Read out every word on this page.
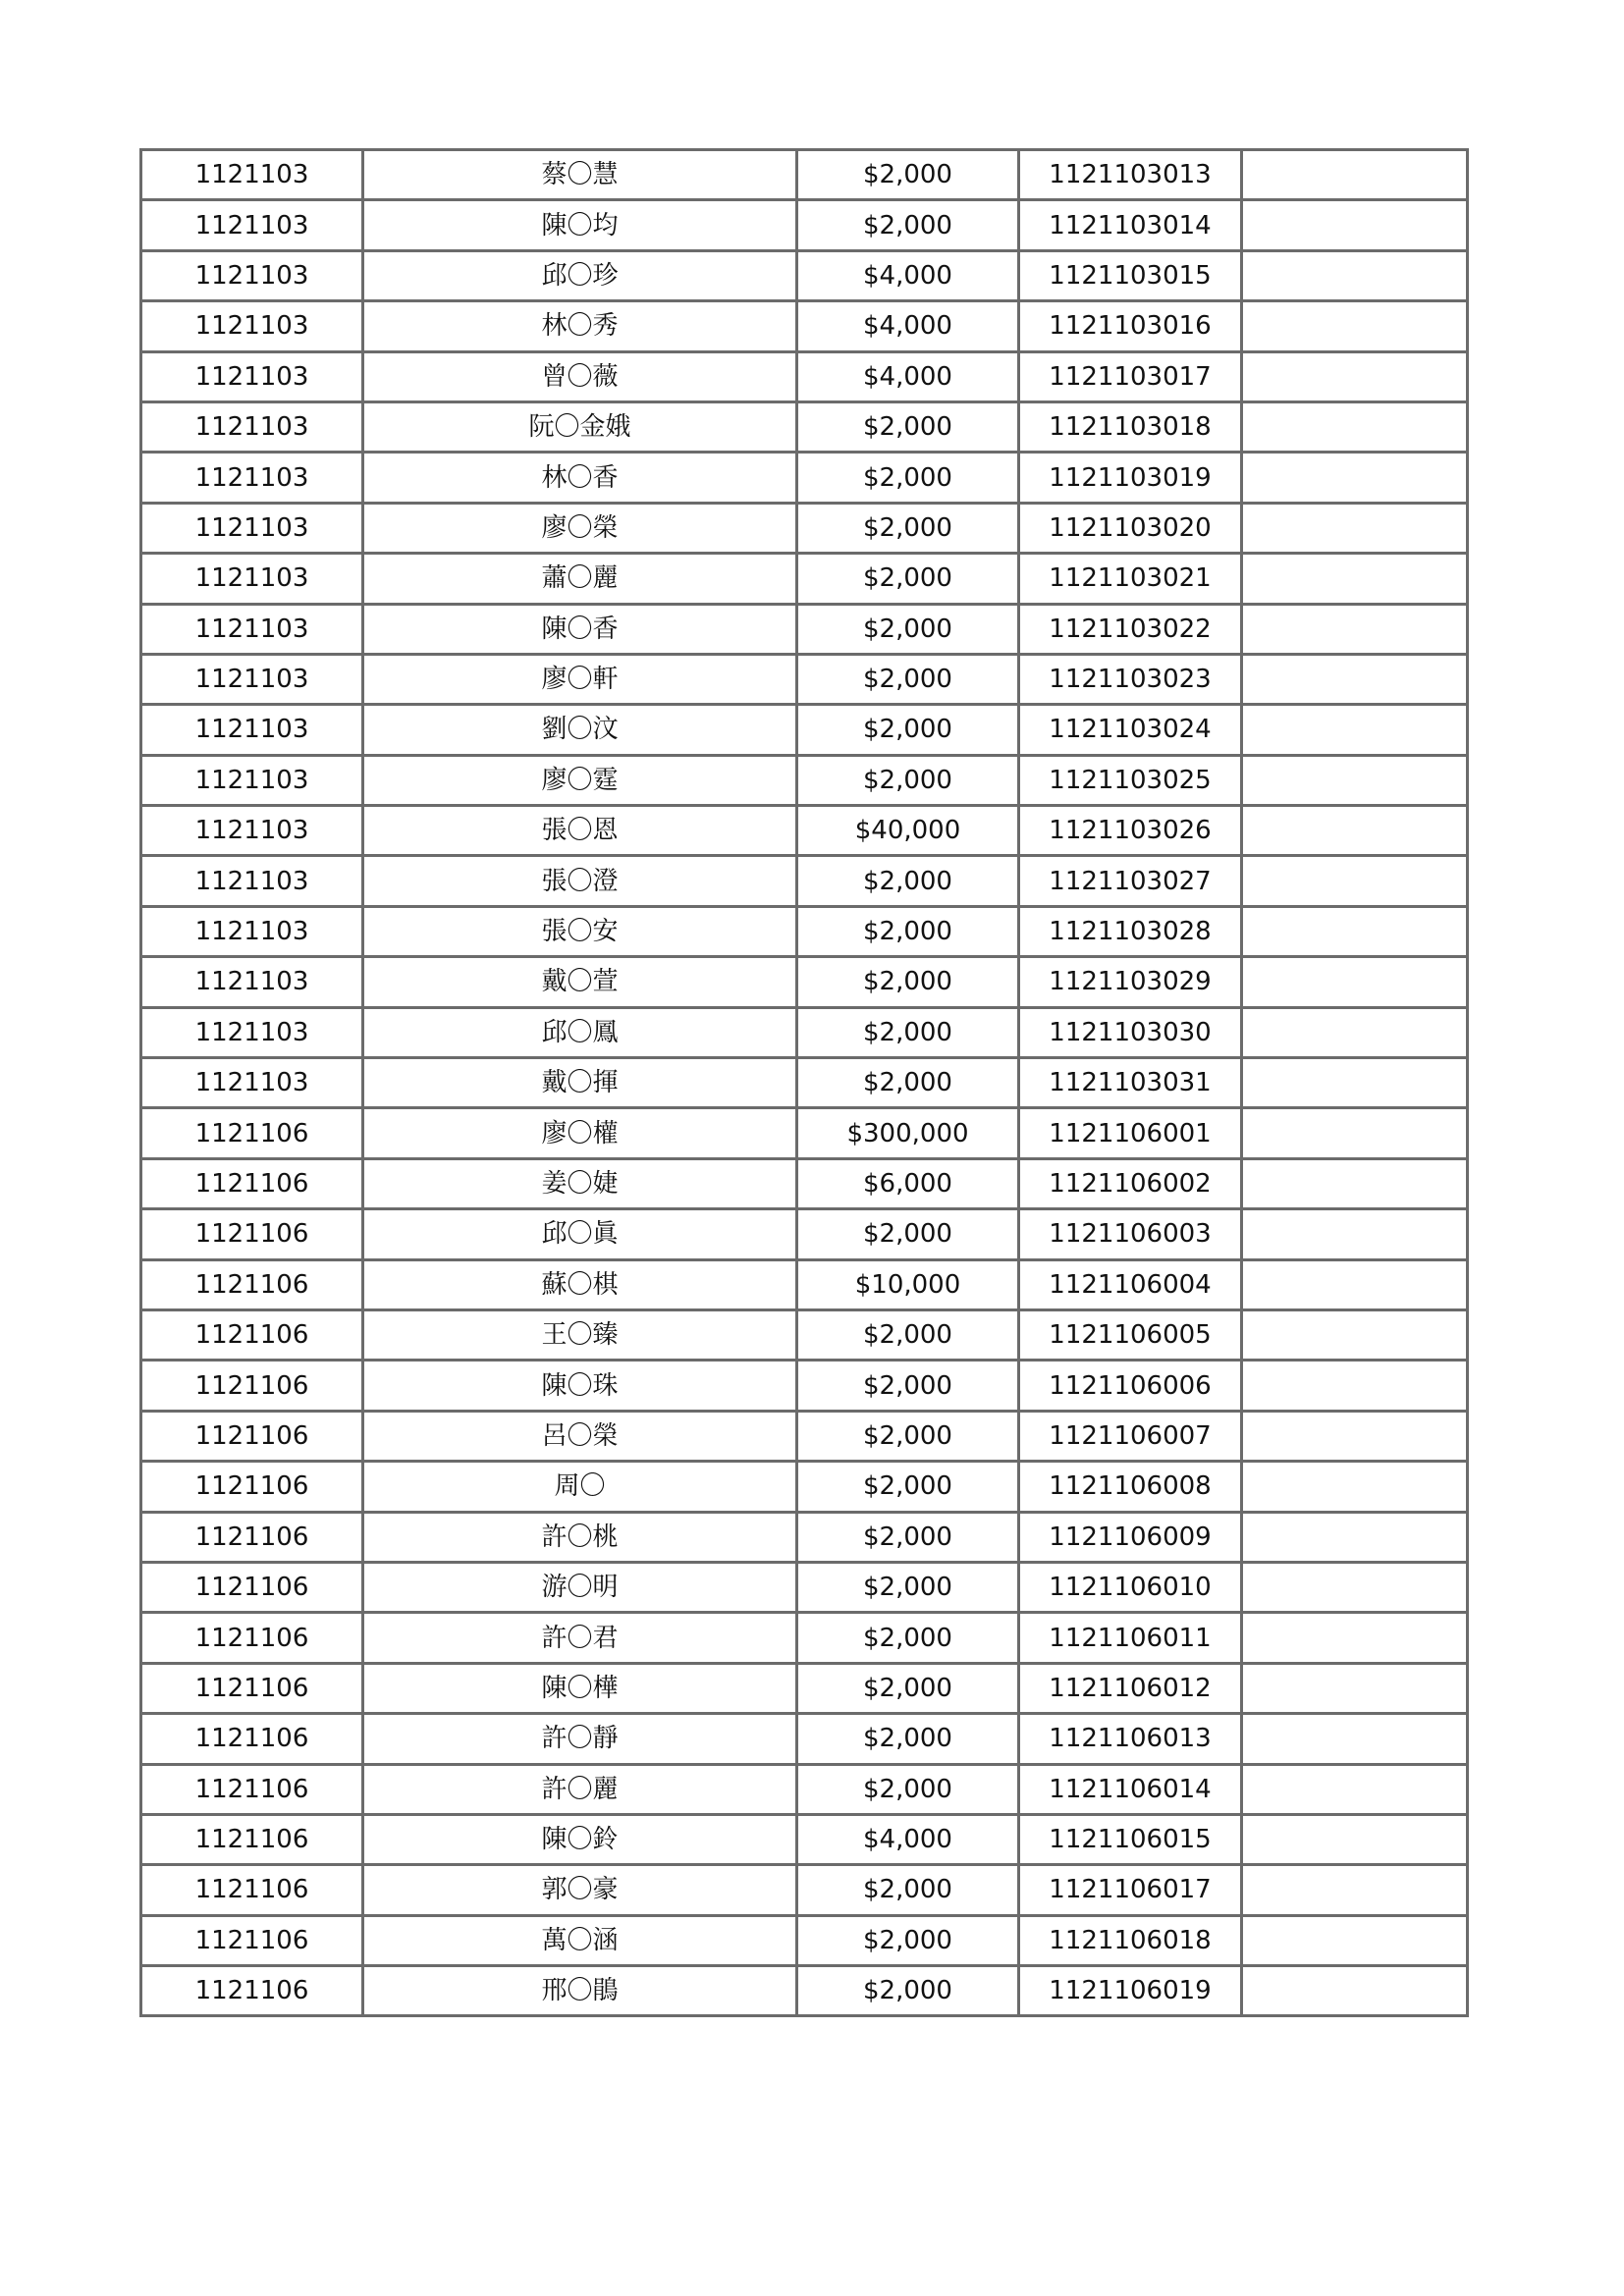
1121103	蔡〇慧	$2,000	1121103013	
1121103	陳〇均	$2,000	1121103014	
1121103	邱〇珍	$4,000	1121103015	
1121103	林〇秀	$4,000	1121103016	
1121103	曾〇薇	$4,000	1121103017	
1121103	阮〇金娥	$2,000	1121103018	
1121103	林〇香	$2,000	1121103019	
1121103	廖〇榮	$2,000	1121103020	
1121103	蕭〇麗	$2,000	1121103021	
1121103	陳〇香	$2,000	1121103022	
1121103	廖〇軒	$2,000	1121103023	
1121103	劉〇汶	$2,000	1121103024	
1121103	廖〇霆	$2,000	1121103025	
1121103	張〇恩	$40,000	1121103026	
1121103	張〇澄	$2,000	1121103027	
1121103	張〇安	$2,000	1121103028	
1121103	戴〇萱	$2,000	1121103029	
1121103	邱〇鳳	$2,000	1121103030	
1121103	戴〇揮	$2,000	1121103031	
1121106	廖〇權	$300,000	1121106001	
1121106	姜〇婕	$6,000	1121106002	
1121106	邱〇眞	$2,000	1121106003	
1121106	蘇〇棋	$10,000	1121106004	
1121106	王〇臻	$2,000	1121106005	
1121106	陳〇珠	$2,000	1121106006	
1121106	呂〇榮	$2,000	1121106007	
1121106	周〇	$2,000	1121106008	
1121106	許〇桃	$2,000	1121106009	
1121106	游〇明	$2,000	1121106010	
1121106	許〇君	$2,000	1121106011	
1121106	陳〇樺	$2,000	1121106012	
1121106	許〇靜	$2,000	1121106013	
1121106	許〇麗	$2,000	1121106014	
1121106	陳〇鈴	$4,000	1121106015	
1121106	郭〇豪	$2,000	1121106017	
1121106	萬〇涵	$2,000	1121106018	
1121106	邢〇鵑	$2,000	1121106019	
